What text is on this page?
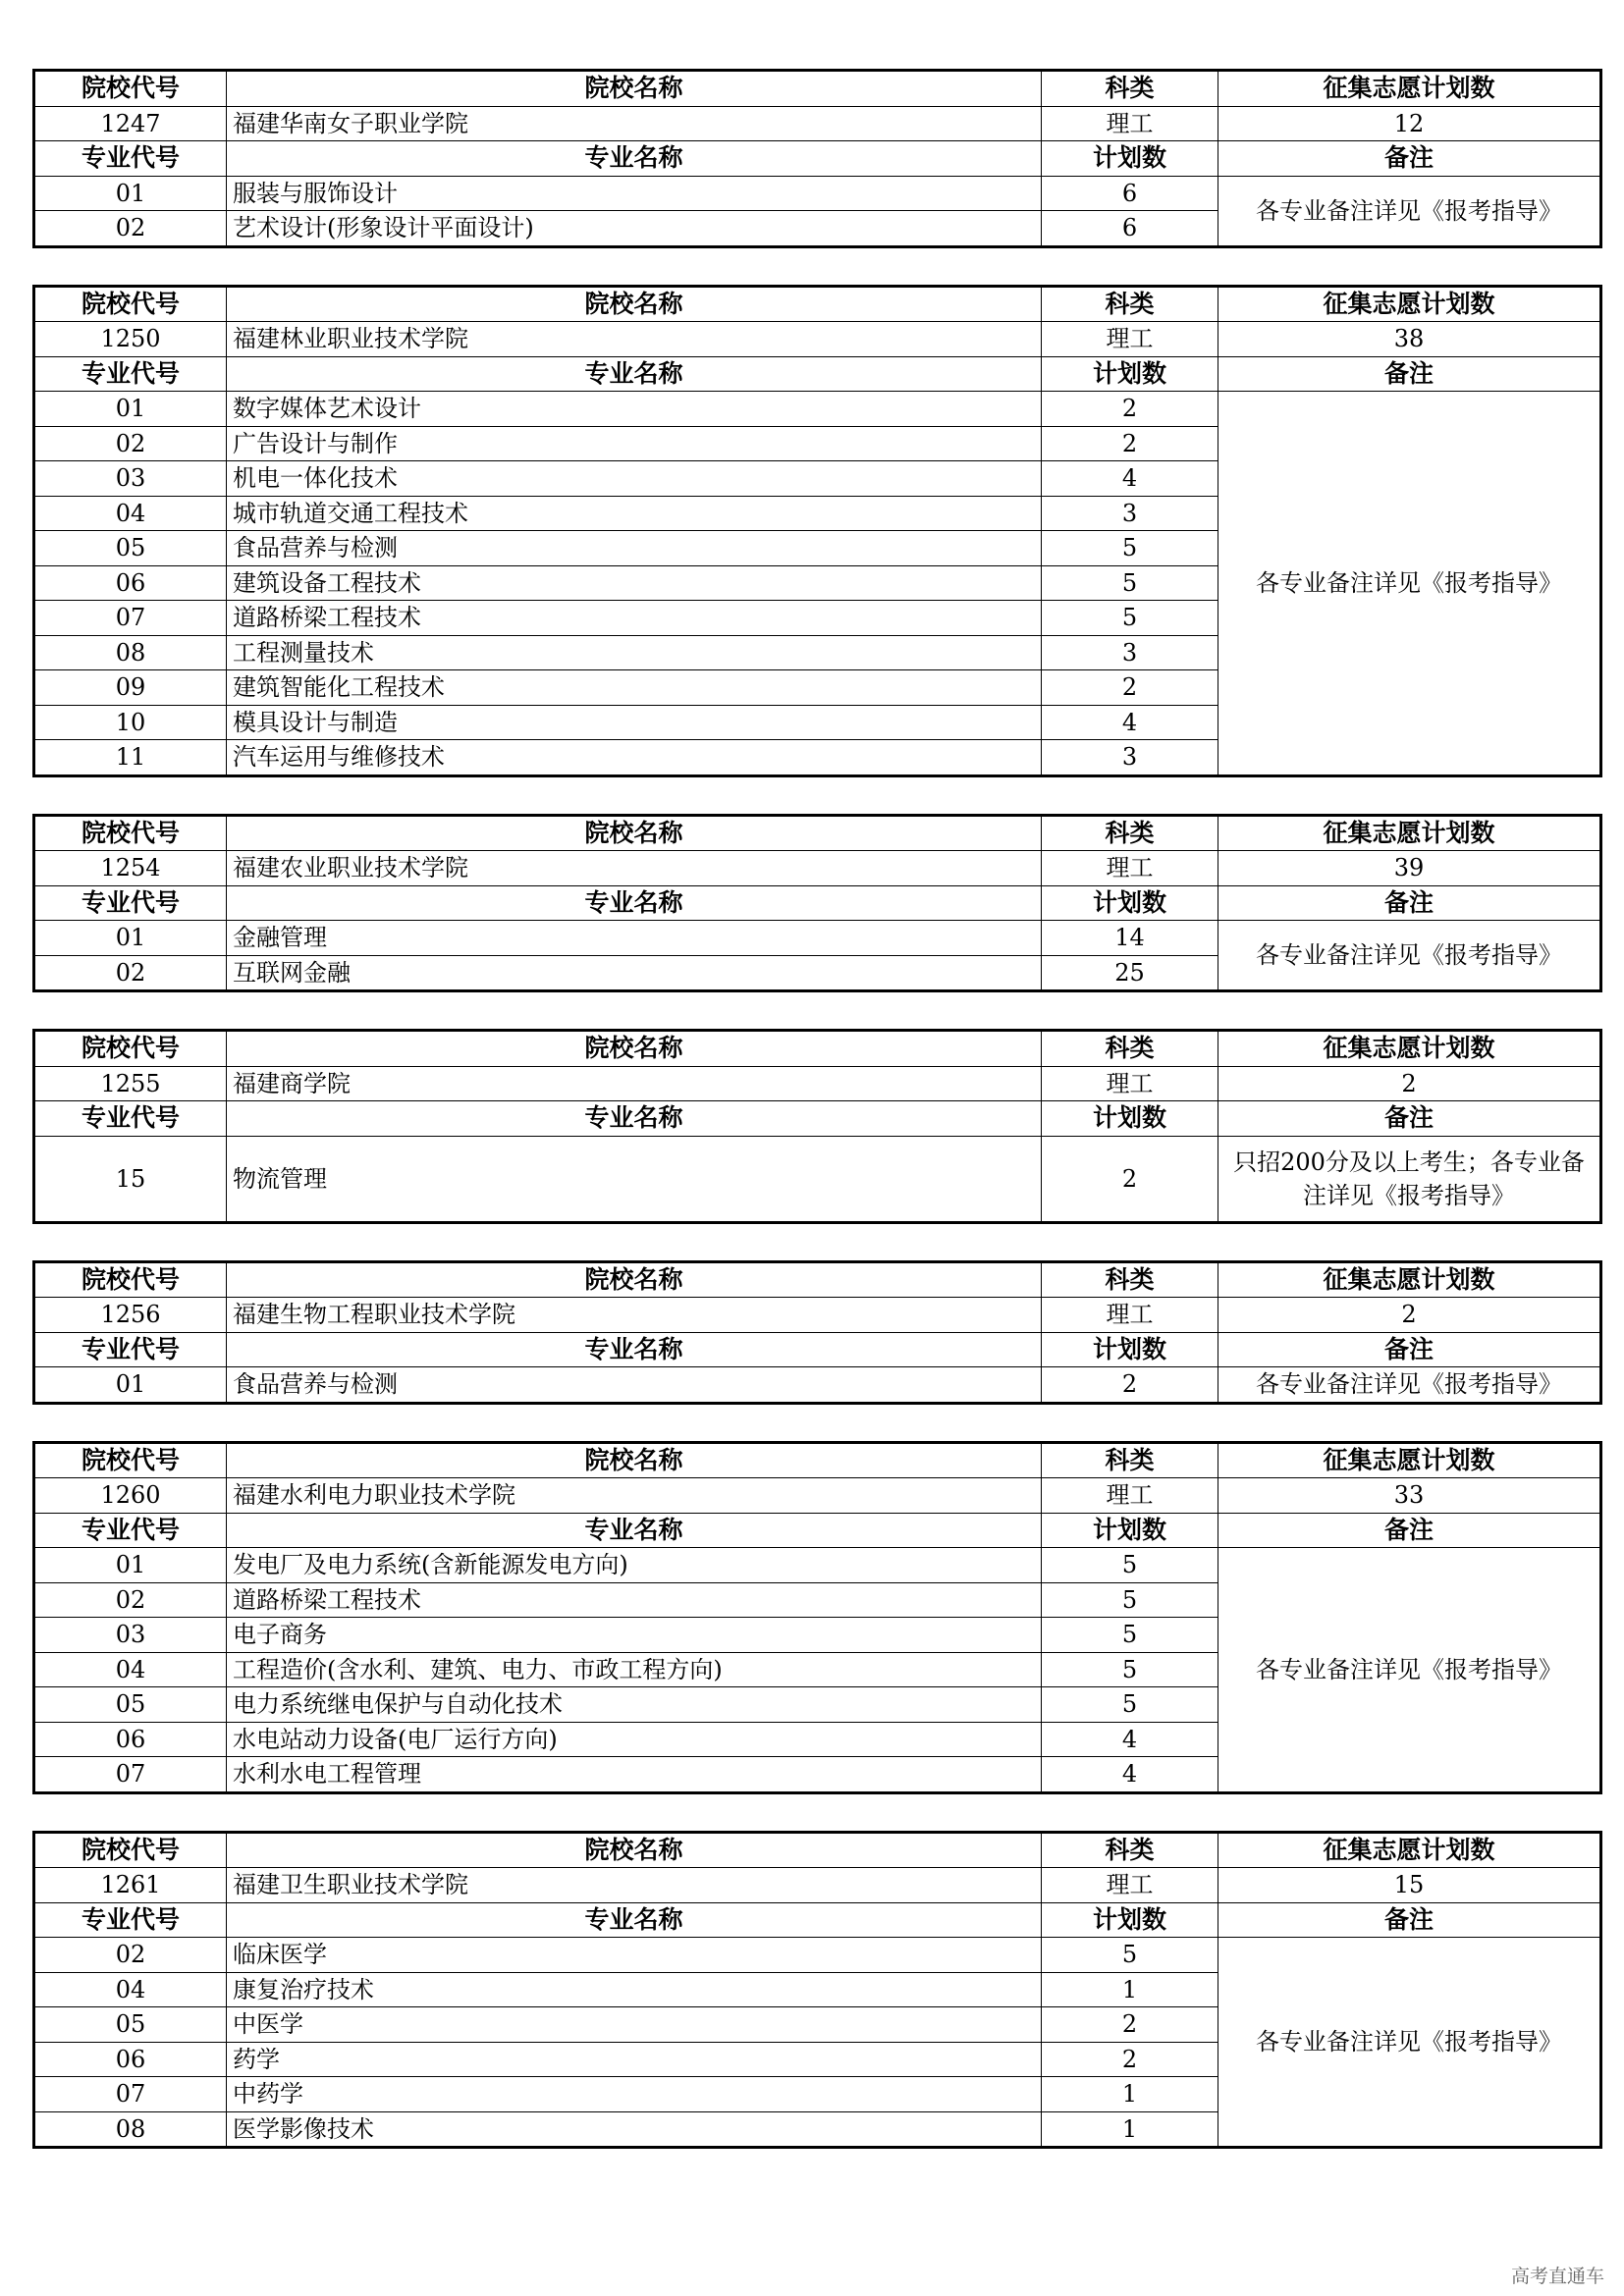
院校代号	院校名称	科类	征集志愿计划数
1247	福建华南女子职业学院	理工	12
专业代号	专业名称	计划数	备注
01	服装与服饰设计	6	各专业备注详见《报考指导》
02	艺术设计(形象设计平面设计)	6	
院校代号	院校名称	科类	征集志愿计划数
1250	福建林业职业技术学院	理工	38
专业代号	专业名称	计划数	备注
01	数字媒体艺术设计	2	各专业备注详见《报考指导》
02	广告设计与制作	2	
03	机电一体化技术	4	
04	城市轨道交通工程技术	3	
05	食品营养与检测	5	
06	建筑设备工程技术	5	
07	道路桥梁工程技术	5	
08	工程测量技术	3	
09	建筑智能化工程技术	2	
10	模具设计与制造	4	
11	汽车运用与维修技术	3	
院校代号	院校名称	科类	征集志愿计划数
1254	福建农业职业技术学院	理工	39
专业代号	专业名称	计划数	备注
01	金融管理	14	各专业备注详见《报考指导》
02	互联网金融	25	
院校代号	院校名称	科类	征集志愿计划数
1255	福建商学院	理工	2
专业代号	专业名称	计划数	备注
15	物流管理	2	只招200分及以上考生；各专业备注详见《报考指导》
院校代号	院校名称	科类	征集志愿计划数
1256	福建生物工程职业技术学院	理工	2
专业代号	专业名称	计划数	备注
01	食品营养与检测	2	各专业备注详见《报考指导》
院校代号	院校名称	科类	征集志愿计划数
1260	福建水利电力职业技术学院	理工	33
专业代号	专业名称	计划数	备注
01	发电厂及电力系统(含新能源发电方向)	5	各专业备注详见《报考指导》
02	道路桥梁工程技术	5	
03	电子商务	5	
04	工程造价(含水利、建筑、电力、市政工程方向)	5	
05	电力系统继电保护与自动化技术	5	
06	水电站动力设备(电厂运行方向)	4	
07	水利水电工程管理	4	
院校代号	院校名称	科类	征集志愿计划数
1261	福建卫生职业技术学院	理工	15
专业代号	专业名称	计划数	备注
02	临床医学	5	各专业备注详见《报考指导》
04	康复治疗技术	1	
05	中医学	2	
06	药学	2	
07	中药学	1	
08	医学影像技术	1	
高考直通车
